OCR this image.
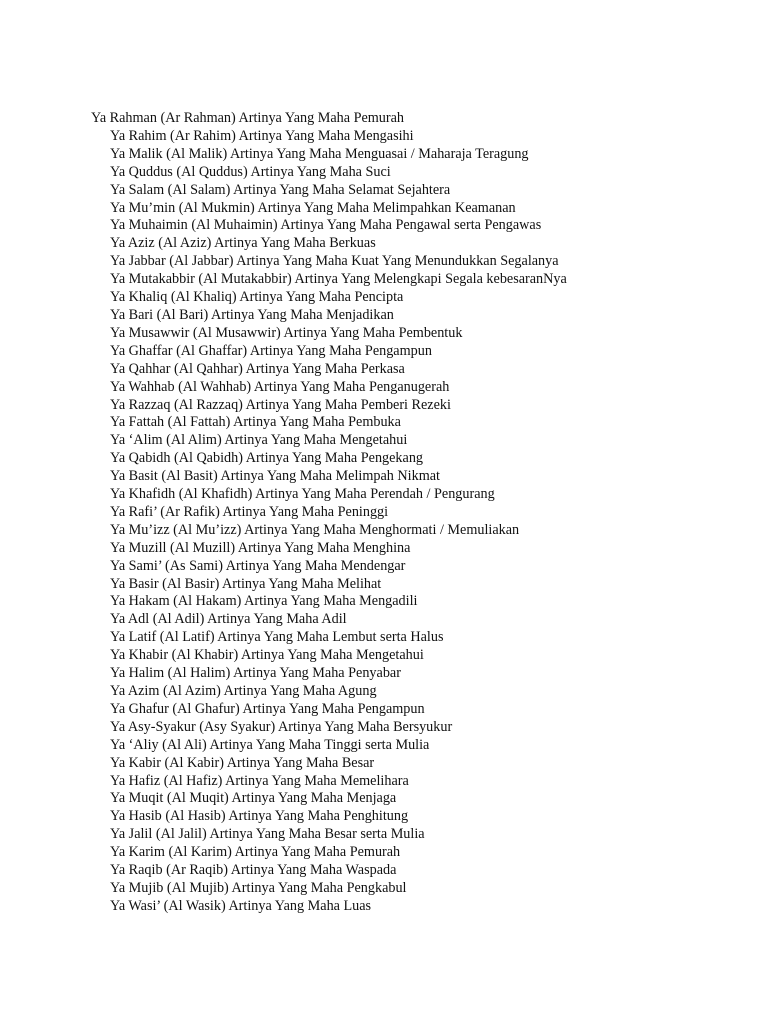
Ya Rahman (Ar Rahman) Artinya Yang Maha Pemurah
Ya Rahim (Ar Rahim) Artinya Yang Maha Mengasihi
Ya Malik (Al Malik) Artinya Yang Maha Menguasai / Maharaja Teragung
Ya Quddus (Al Quddus) Artinya Yang Maha Suci
Ya Salam (Al Salam) Artinya Yang Maha Selamat Sejahtera
Ya Mu’min (Al Mukmin) Artinya Yang Maha Melimpahkan Keamanan
Ya Muhaimin (Al Muhaimin) Artinya Yang Maha Pengawal serta Pengawas
Ya Aziz (Al Aziz) Artinya Yang Maha Berkuas
Ya Jabbar (Al Jabbar) Artinya Yang Maha Kuat Yang Menundukkan Segalanya
Ya Mutakabbir (Al Mutakabbir) Artinya Yang Melengkapi Segala kebesaranNya
Ya Khaliq (Al Khaliq) Artinya Yang Maha Pencipta
Ya Bari (Al Bari) Artinya Yang Maha Menjadikan
Ya Musawwir (Al Musawwir) Artinya Yang Maha Pembentuk
Ya Ghaffar (Al Ghaffar) Artinya Yang Maha Pengampun
Ya Qahhar (Al Qahhar) Artinya Yang Maha Perkasa
Ya Wahhab (Al Wahhab) Artinya Yang Maha Penganugerah
Ya Razzaq (Al Razzaq) Artinya Yang Maha Pemberi Rezeki
Ya Fattah (Al Fattah) Artinya Yang Maha Pembuka
Ya ‘Alim (Al Alim) Artinya Yang Maha Mengetahui
Ya Qabidh (Al Qabidh) Artinya Yang Maha Pengekang
Ya Basit (Al Basit) Artinya Yang Maha Melimpah Nikmat
Ya Khafidh (Al Khafidh) Artinya Yang Maha Perendah / Pengurang
Ya Rafi’ (Ar Rafik) Artinya Yang Maha Peninggi
Ya Mu’izz (Al Mu’izz) Artinya Yang Maha Menghormati / Memuliakan
Ya Muzill (Al Muzill) Artinya Yang Maha Menghina
Ya Sami’ (As Sami) Artinya Yang Maha Mendengar
Ya Basir (Al Basir) Artinya Yang Maha Melihat
Ya Hakam (Al Hakam) Artinya Yang Maha Mengadili
Ya Adl (Al Adil) Artinya Yang Maha Adil
Ya Latif (Al Latif) Artinya Yang Maha Lembut serta Halus
Ya Khabir (Al Khabir) Artinya Yang Maha Mengetahui
Ya Halim (Al Halim) Artinya Yang Maha Penyabar
Ya Azim (Al Azim) Artinya Yang Maha Agung
Ya Ghafur (Al Ghafur) Artinya Yang Maha Pengampun
Ya Asy-Syakur (Asy Syakur) Artinya Yang Maha Bersyukur
Ya ‘Aliy (Al Ali) Artinya Yang Maha Tinggi serta Mulia
Ya Kabir (Al Kabir) Artinya Yang Maha Besar
Ya Hafiz (Al Hafiz) Artinya Yang Maha Memelihara
Ya Muqit (Al Muqit) Artinya Yang Maha Menjaga
Ya Hasib (Al Hasib) Artinya Yang Maha Penghitung
Ya Jalil (Al Jalil) Artinya Yang Maha Besar serta Mulia
Ya Karim (Al Karim) Artinya Yang Maha Pemurah
Ya Raqib (Ar Raqib) Artinya Yang Maha Waspada
Ya Mujib (Al Mujib) Artinya Yang Maha Pengkabul
Ya Wasi’ (Al Wasik) Artinya Yang Maha Luas
